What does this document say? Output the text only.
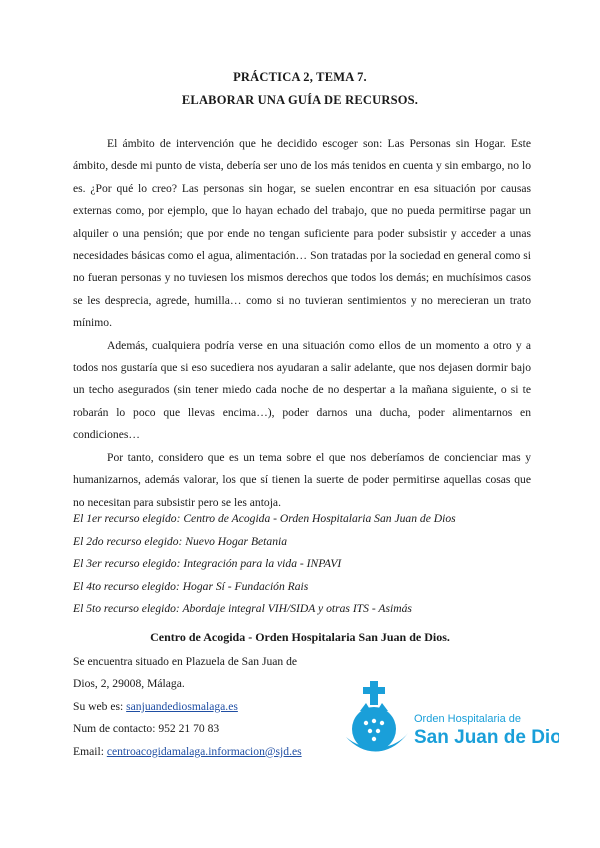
PRÁCTICA 2, TEMA 7.
ELABORAR UNA GUÍA DE RECURSOS.

El ámbito de intervención que he decidido escoger son: Las Personas sin Hogar. Este ámbito, desde mi punto de vista, debería ser uno de los más tenidos en cuenta y sin embargo, no lo es. ¿Por qué lo creo? Las personas sin hogar, se suelen encontrar en esa situación por causas externas como, por ejemplo, que lo hayan echado del trabajo, que no pueda permitirse pagar un alquiler o una pensión; que por ende no tengan suficiente para poder subsistir y acceder a unas necesidades básicas como el agua, alimentación… Son tratadas por la sociedad en general como si no fueran personas y no tuviesen los mismos derechos que todos los demás; en muchísimos casos se les desprecia, agrede, humilla… como si no tuvieran sentimientos y no merecieran un trato mínimo.

Además, cualquiera podría verse en una situación como ellos de un momento a otro y a todos nos gustaría que si eso sucediera nos ayudaran a salir adelante, que nos dejasen dormir bajo un techo asegurados (sin tener miedo cada noche de no despertar a la mañana siguiente, o si te robarán lo poco que llevas encima…), poder darnos una ducha, poder alimentarnos en condiciones…

Por tanto, considero que es un tema sobre el que nos deberíamos de concienciar mas y humanizarnos, además valorar, los que sí tienen la suerte de poder permitirse aquellas cosas que no necesitan para subsistir pero se les antoja.

El 1er recurso elegido: Centro de Acogida - Orden Hospitalaria San Juan de Dios
El 2do recurso elegido: Nuevo Hogar Betania
El 3er recurso elegido: Integración para la vida - INPAVI
El 4to recurso elegido: Hogar Sí - Fundación Rais
El 5to recurso elegido: Abordaje integral VIH/SIDA y otras ITS - Asimás
Centro de Acogida - Orden Hospitalaria San Juan de Dios.
Se encuentra situado en Plazuela de San Juan de
Dios, 2, 29008, Málaga.
Su web es: sanjuandediosmalaga.es
Num de contacto: 952 21 70 83
Email: centroacogidamalaga.informacion@sjd.es
Orden Hospitalaria de
San Juan de Dios
